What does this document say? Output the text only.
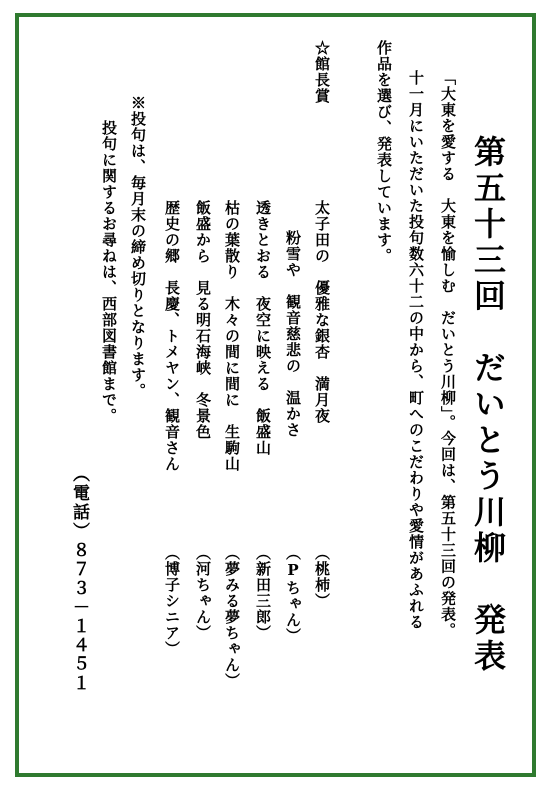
第五十三回　だいとう川柳　発表
「大東を愛する　大東を愉しむ　だいとう川柳」。今回は、第五十三回の発表。
十一月にいただいた投句数六十二の中から、町へのこだわりや愛情があふれる
作品を選び、発表しています。
☆館長賞
太子田の　優雅な銀杏　満月夜
粉雪や　観音慈悲の　温かさ
透きとおる　夜空に映える　飯盛山
枯の葉散り　木々の間に間に　生駒山
飯盛から　見る明石海峡　冬景色
歴史の郷　長慶、トメヤン、観音さん
（桃杮）
（Pちゃん）
（新田三郎）
（夢みる夢ちゃん）
（河ちゃん）
（博子シニア）
※投句は、毎月末の締め切りとなります。
投句に関するお尋ねは、西部図書館まで。
（電話）８７３－１４５１
